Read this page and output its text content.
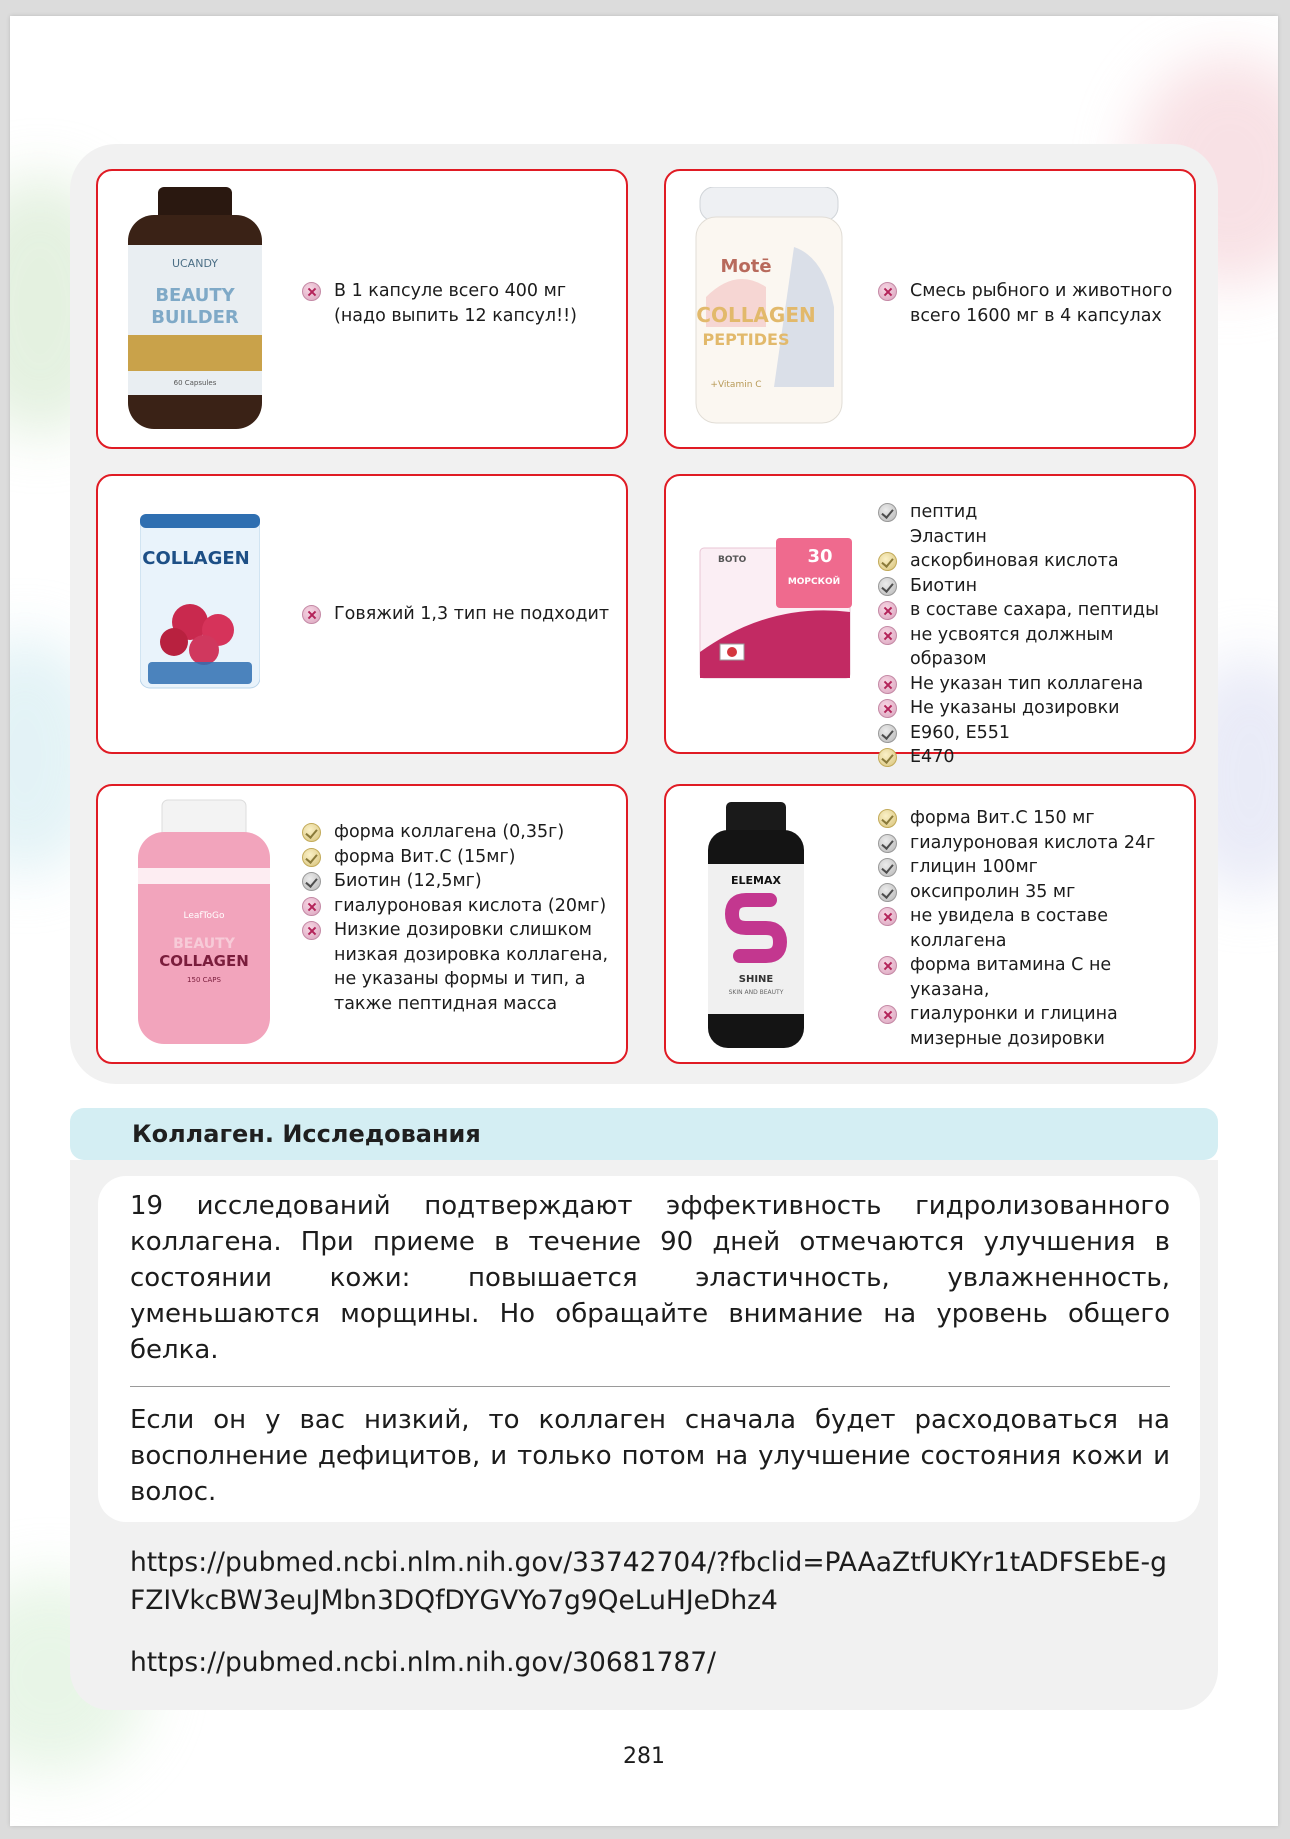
UCANDY
BEAUTY
BUILDER
60 Capsules
В 1 капсуле всего 400 мг (надо выпить 12 капсул!!)
Motē
COLLAGEN
PEPTIDES
+Vitamin C
Смесь рыбного и животного всего 1600 мг в 4 капсулах
COLLAGEN
Говяжий 1,3 тип не подходит
BOTO	30
МОРСКОЙ
пептид
Эластин
аскорбиновая кислота
Биотин
в составе сахара, пептиды
не усвоятся должным образом
Не указан тип коллагена
Не указаны дозировки
E960, E551
E470
LeafToGo
BEAUTY
COLLAGEN
150 CAPS
форма коллагена (0,35г)
форма Вит.С (15мг)
Биотин (12,5мг)
гиалуроновая кислота (20мг)
Низкие дозировки слишком низкая дозировка коллагена, не указаны формы и тип, а также пептидная масса
ELEMAX
SHINE
SKIN AND BEAUTY
форма Вит.С 150 мг
гиалуроновая кислота 24г
глицин 100мг
оксипролин 35 мг
не увидела в составе коллагена
форма витамина С не указана,
гиалуронки и глицина мизерные дозировки
Коллаген. Исследования
19 исследований подтверждают эффективность гидролизованного коллагена. При приеме в течение 90 дней отмечаются улучшения в состоянии кожи: повышается эластичность, увлажненность, уменьшаются морщины. Но обращайте внимание на уровень общего белка.
Если он у вас низкий, то коллаген сначала будет расходоваться на восполнение дефицитов, и только потом на улучшение состояния кожи и волос.
https://pubmed.ncbi.nlm.nih.gov/33742704/?fbclid=PAAaZtfUKYr1tADFSEbE-gFZIVkcBW3euJMbn3DQfDYGVYo7g9QeLuHJeDhz4
https://pubmed.ncbi.nlm.nih.gov/30681787/
281
